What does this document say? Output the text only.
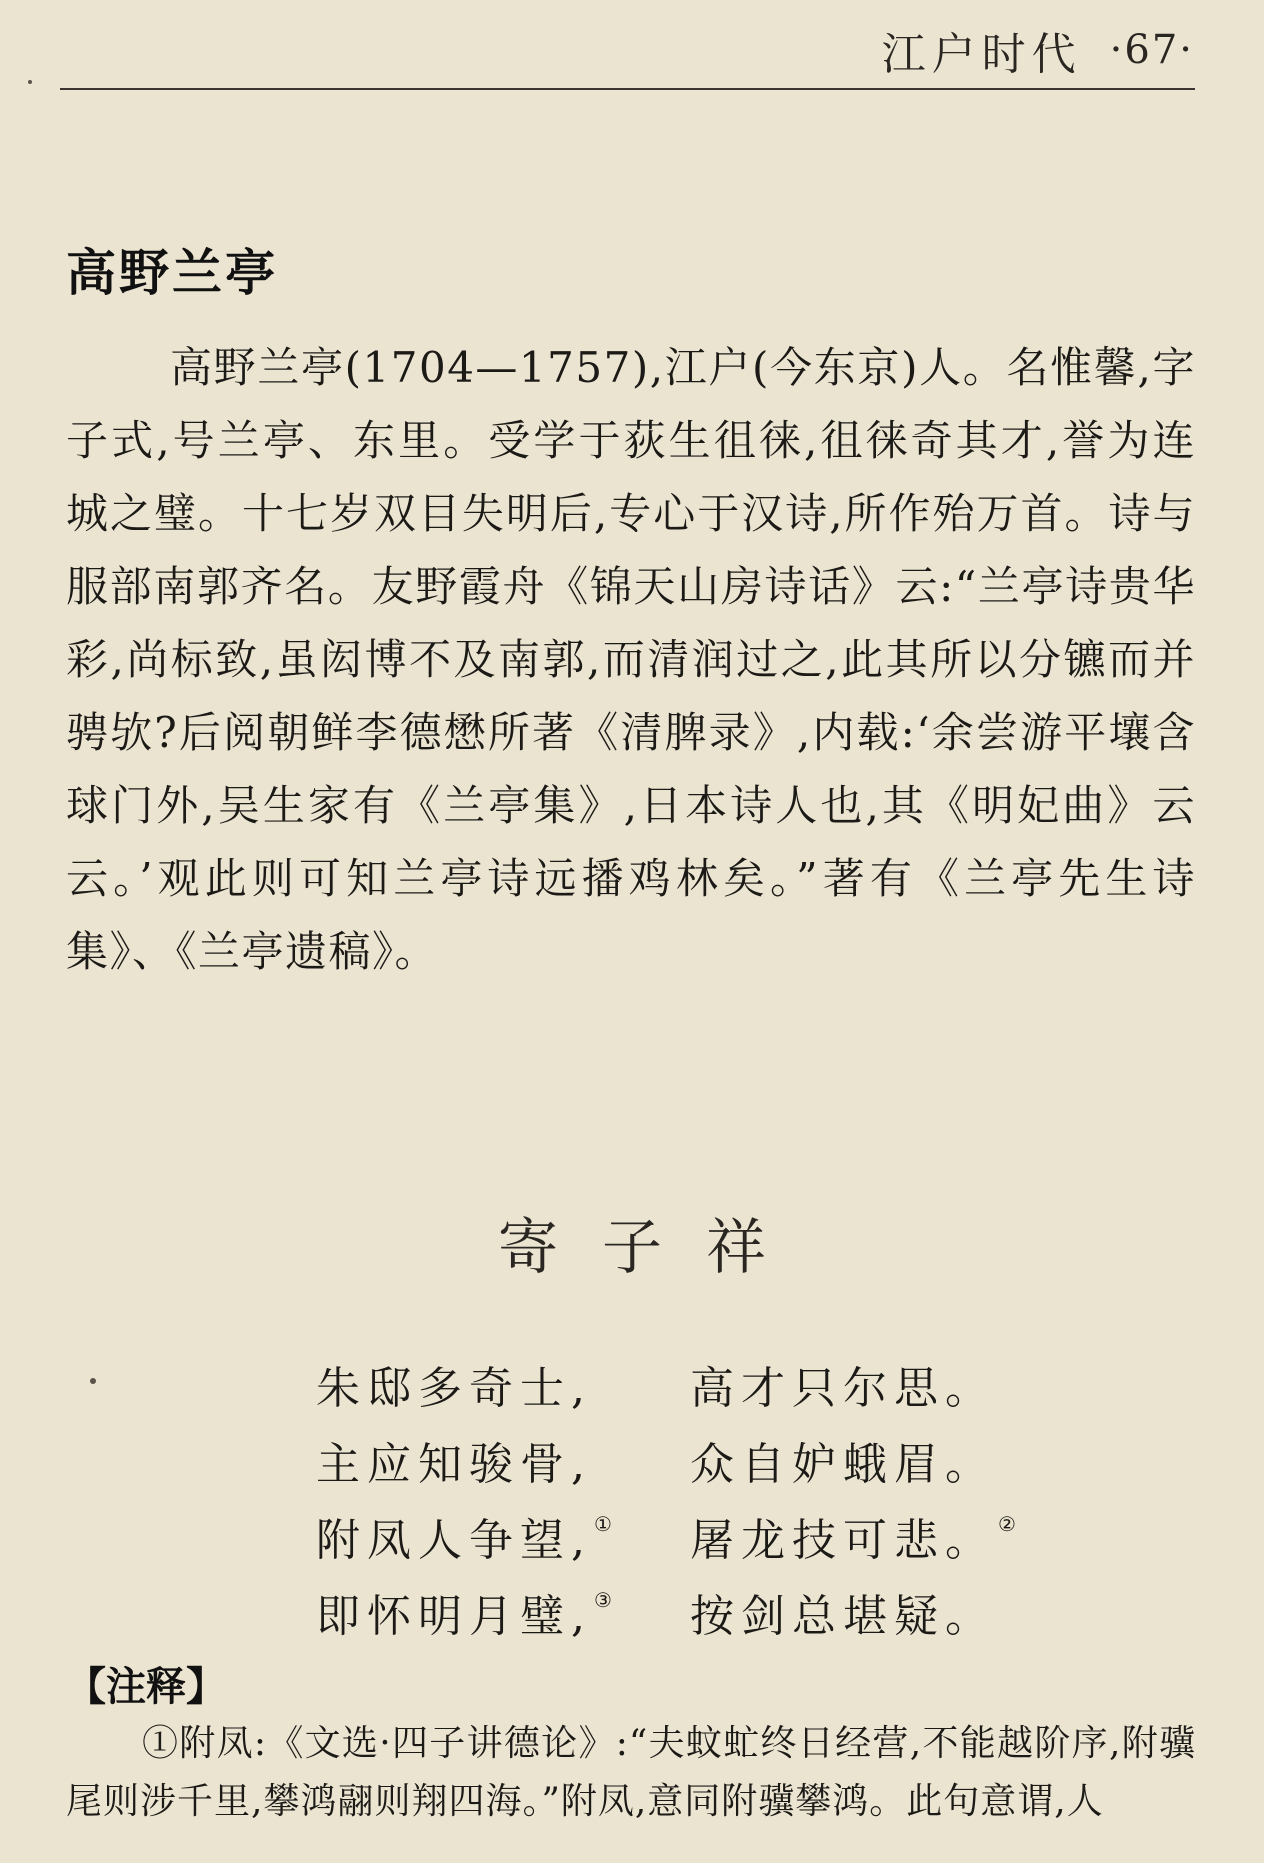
江户时代 ·67·
高野兰亭

高野兰亭(1704—1757),江户(今东京)人。名惟馨,字子式,号兰亭、东里。受学于荻生徂徕,徂徕奇其才,誉为连城之璧。十七岁双目失明后,专心于汉诗,所作殆万首。诗与服部南郭齐名。友野霞舟《锦天山房诗话》云:“兰亭诗贵华彩,尚标致,虽闳博不及南郭,而清润过之,此其所以分镳而并骋欤?后阅朝鲜李德懋所著《清脾录》,内载:‘余尝游平壤含球门外,吴生家有《兰亭集》,日本诗人也,其《明妃曲》云云。’观此则可知兰亭诗远播鸡林矣。”著有《兰亭先生诗集》、《兰亭遗稿》。

寄子祥
朱邸多奇士,	高才只尔思。
主应知骏骨,	众自妒蛾眉。
附凤人争望, ①	屠龙技可悲。 ②
即怀明月璧, ③	按剑总堪疑。
【注释】

①附凤:《文选·四子讲德论》:“夫蚊虻终日经营,不能越阶序,附骥尾则涉千里,攀鸿翮则翔四海。”附凤,意同附骥攀鸿。此句意谓,人
